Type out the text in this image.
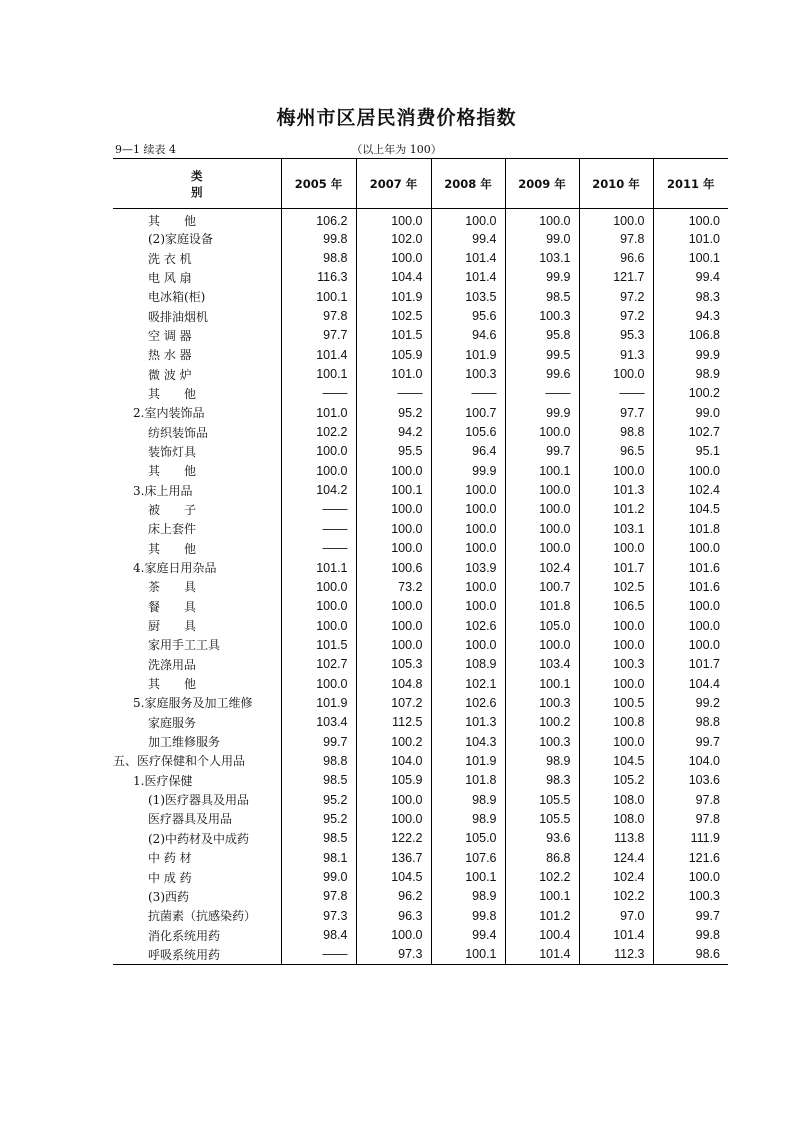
梅州市区居民消费价格指数
9—1 续表 4	（以上年为 100）
类　　别	2005 年	2007 年	2008 年	2009 年	2010 年	2011 年
其　　他	106.2	100.0	100.0	100.0	100.0	100.0
(2)家庭设备	99.8	102.0	99.4	99.0	97.8	101.0
洗 衣 机	98.8	100.0	101.4	103.1	96.6	100.1
电 风 扇	116.3	104.4	101.4	99.9	121.7	99.4
电冰箱(柜)	100.1	101.9	103.5	98.5	97.2	98.3
吸排油烟机	97.8	102.5	95.6	100.3	97.2	94.3
空 调 器	97.7	101.5	94.6	95.8	95.3	106.8
热 水 器	101.4	105.9	101.9	99.5	91.3	99.9
微 波 炉	100.1	101.0	100.3	99.6	100.0	98.9
其　　他	——	——	——	——	——	100.2
2.室内装饰品	101.0	95.2	100.7	99.9	97.7	99.0
纺织装饰品	102.2	94.2	105.6	100.0	98.8	102.7
装饰灯具	100.0	95.5	96.4	99.7	96.5	95.1
其　　他	100.0	100.0	99.9	100.1	100.0	100.0
3.床上用品	104.2	100.1	100.0	100.0	101.3	102.4
被　　子	——	100.0	100.0	100.0	101.2	104.5
床上套件	——	100.0	100.0	100.0	103.1	101.8
其　　他	——	100.0	100.0	100.0	100.0	100.0
4.家庭日用杂品	101.1	100.6	103.9	102.4	101.7	101.6
茶　　具	100.0	73.2	100.0	100.7	102.5	101.6
餐　　具	100.0	100.0	100.0	101.8	106.5	100.0
厨　　具	100.0	100.0	102.6	105.0	100.0	100.0
家用手工工具	101.5	100.0	100.0	100.0	100.0	100.0
洗涤用品	102.7	105.3	108.9	103.4	100.3	101.7
其　　他	100.0	104.8	102.1	100.1	100.0	104.4
5.家庭服务及加工维修	101.9	107.2	102.6	100.3	100.5	99.2
家庭服务	103.4	112.5	101.3	100.2	100.8	98.8
加工维修服务	99.7	100.2	104.3	100.3	100.0	99.7
五、医疗保健和个人用品	98.8	104.0	101.9	98.9	104.5	104.0
1.医疗保健	98.5	105.9	101.8	98.3	105.2	103.6
(1)医疗器具及用品	95.2	100.0	98.9	105.5	108.0	97.8
医疗器具及用品	95.2	100.0	98.9	105.5	108.0	97.8
(2)中药材及中成药	98.5	122.2	105.0	93.6	113.8	111.9
中 药 材	98.1	136.7	107.6	86.8	124.4	121.6
中 成 药	99.0	104.5	100.1	102.2	102.4	100.0
(3)西药	97.8	96.2	98.9	100.1	102.2	100.3
抗菌素（抗感染药）	97.3	96.3	99.8	101.2	97.0	99.7
消化系统用药	98.4	100.0	99.4	100.4	101.4	99.8
呼吸系统用药	——	97.3	100.1	101.4	112.3	98.6
